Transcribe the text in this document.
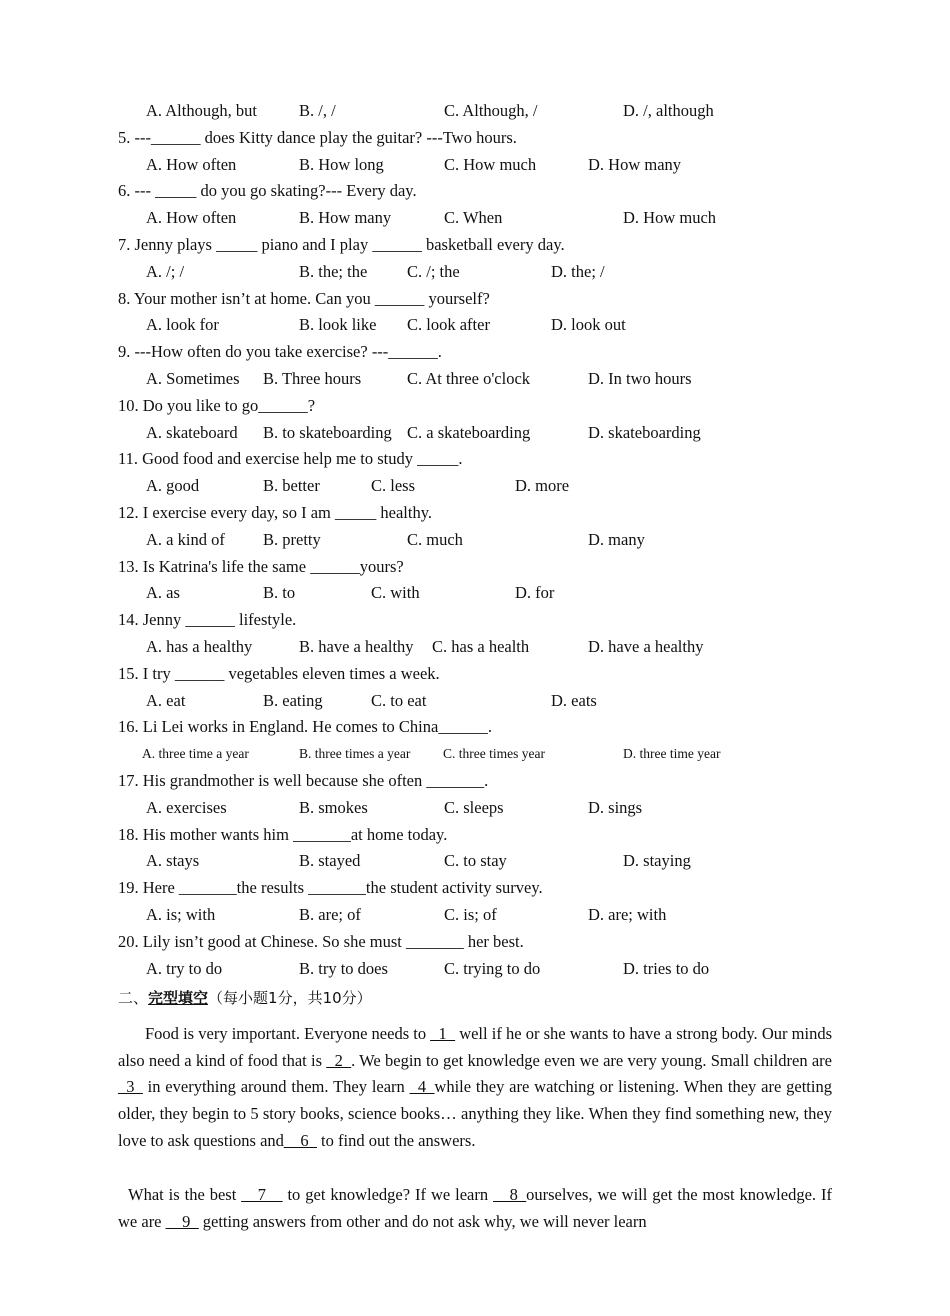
A. Although, but	B. /, /	C. Although, /	D. /, although
5. ---______ does Kitty dance play the guitar? ---Two hours.
A. How often	B. How long	C. How much	D. How many
6. --- _____ do you go skating?--- Every day.
A. How often	B. How many	C. When	D. How much
7. Jenny plays _____ piano and I play ______ basketball every day.
A. /; /	B. the; the C. /; the	D. the; /
8. Your mother isn’t at home. Can you ______ yourself?
A. look for	B. look like C. look after	D. look out
9. ---How often do you take exercise? ---______.
A. Sometimes B. Three hours	C. At three o'clock	D. In two hours
10. Do you like to go______?
A. skateboard B. to skateboarding C. a skateboarding	D. skateboarding
11. Good food and exercise help me to study _____.
A. good	B. better	C. less	D. more
12. I exercise every day, so I am _____ healthy.
A. a kind of B. pretty	C. much	D. many
13. Is Katrina's life the same ______yours?
A. as	B. to	C. with	D. for
14. Jenny ______ lifestyle.
A. has a healthy	B. have a healthy C. has a health	D. have a healthy
15. I try ______ vegetables eleven times a week.
A. eat	B. eating	C. to eat	D. eats
16. Li Lei works in England. He comes to China______.
A. three time a year	B. three times a year C. three times year	D. three time year
17. His grandmother is well because she often _______.
A. exercises	B. smokes	C. sleeps	D. sings
18. His mother wants him _______at home today.
A. stays	B. stayed	C. to stay	D. staying
19. Here _______the results _______the student activity survey.
A. is; with	B. are; of	C. is; of	D. are; with
20. Lily isn’t good at Chinese. So she must _______ her best.
A. try to do	B. try to does	C. trying to do	D. tries to do
二、完型填空（每小题1分，共10分）
Food is very important. Everyone needs to _1_ well if he or she wants to have a strong body. Our minds also need a kind of food that is _2_. We begin to get knowledge even we are very young. Small children are _3_ in everything around them. They learn _4_while they are watching or listening. When they are getting older, they begin to 5 story books, science books… anything they like. When they find something new, they love to ask questions and__6_ to find out the answers.
What is the best __7__ to get knowledge? If we learn __8_ourselves, we will get the most knowledge. If we are __9_ getting answers from other and do not ask why, we will never learn
